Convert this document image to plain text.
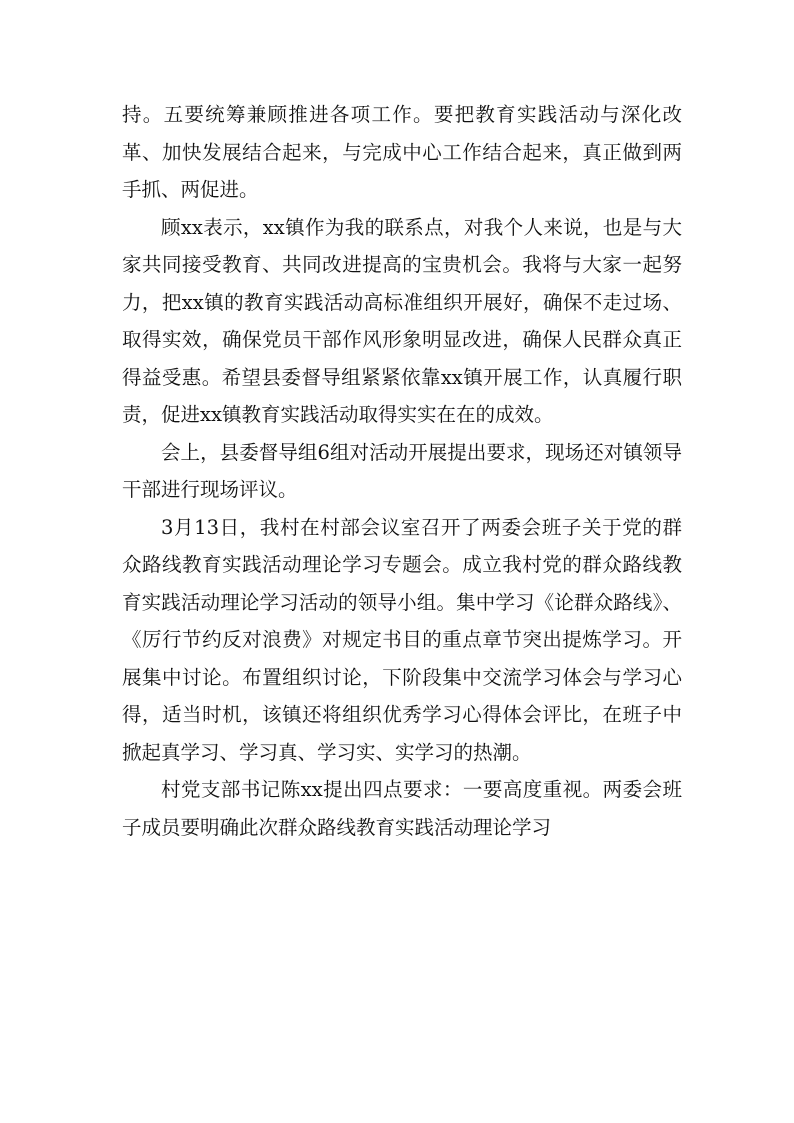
持。五要统筹兼顾推进各项工作。要把教育实践活动与深化改革、加快发展结合起来，与完成中心工作结合起来，真正做到两手抓、两促进。

顾xx表示，xx镇作为我的联系点，对我个人来说，也是与大家共同接受教育、共同改进提高的宝贵机会。我将与大家一起努力，把xx镇的教育实践活动高标准组织开展好，确保不走过场、取得实效，确保党员干部作风形象明显改进，确保人民群众真正得益受惠。希望县委督导组紧紧依靠xx镇开展工作，认真履行职责，促进xx镇教育实践活动取得实实在在的成效。

会上，县委督导组6组对活动开展提出要求，现场还对镇领导干部进行现场评议。

3月13日，我村在村部会议室召开了两委会班子关于党的群众路线教育实践活动理论学习专题会。成立我村党的群众路线教育实践活动理论学习活动的领导小组。集中学习《论群众路线》、《厉行节约反对浪费》对规定书目的重点章节突出提炼学习。开展集中讨论。布置组织讨论，下阶段集中交流学习体会与学习心得，适当时机，该镇还将组织优秀学习心得体会评比，在班子中掀起真学习、学习真、学习实、实学习的热潮。

村党支部书记陈xx提出四点要求：一要高度重视。两委会班子成员要明确此次群众路线教育实践活动理论学习
